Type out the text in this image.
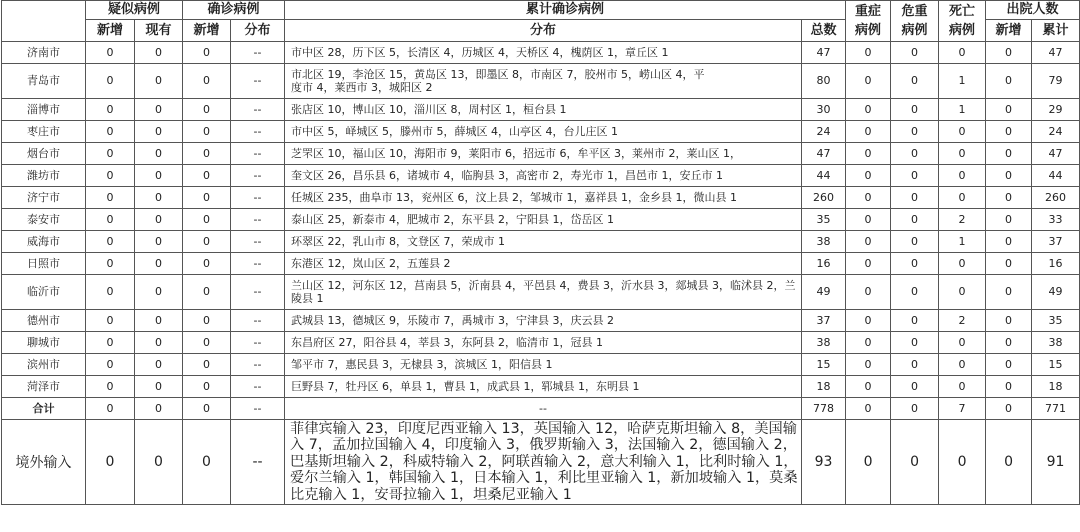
	疑似病例		确诊病例		累计确诊病例		重症病例	危重病例	死亡病例	出院人数	
	新增	现有	新增	分布	分布	总数				新增	累计
济南市	0	0	0	--	市中区 28，历下区 5，长清区 4，历城区 4，天桥区 4，槐荫区 1，章丘区 1	47	0	0	0	0	47
青岛市	0	0	0	--	市北区 19，李沧区 15，黄岛区 13，即墨区 8，市南区 7，胶州市 5，崂山区 4，平度市 4，莱西市 3，城阳区 2	80	0	0	1	0	79
淄博市	0	0	0	--	张店区 10，博山区 10，淄川区 8，周村区 1，桓台县 1	30	0	0	1	0	29
枣庄市	0	0	0	--	市中区 5，峄城区 5，滕州市 5，薛城区 4，山亭区 4，台儿庄区 1	24	0	0	0	0	24
烟台市	0	0	0	--	芝罘区 10，福山区 10，海阳市 9，莱阳市 6，招远市 6，牟平区 3，莱州市 2，莱山区 1，	47	0	0	0	0	47
潍坊市	0	0	0	--	奎文区 26，昌乐县 6，诸城市 4，临朐县 3，高密市 2，寿光市 1，昌邑市 1，安丘市 1	44	0	0	0	0	44
济宁市	0	0	0	--	任城区 235，曲阜市 13，兖州区 6，汶上县 2，邹城市 1，嘉祥县 1，金乡县 1，微山县 1	260	0	0	0	0	260
泰安市	0	0	0	--	泰山区 25，新泰市 4，肥城市 2，东平县 2，宁阳县 1，岱岳区 1	35	0	0	2	0	33
威海市	0	0	0	--	环翠区 22，乳山市 8，文登区 7，荣成市 1	38	0	0	1	0	37
日照市	0	0	0	--	东港区 12，岚山区 2，五莲县 2	16	0	0	0	0	16
临沂市	0	0	0	--	兰山区 12，河东区 12，莒南县 5，沂南县 4，平邑县 4，费县 3，沂水县 3，郯城县 3，临沭县 2，兰陵县 1	49	0	0	0	0	49
德州市	0	0	0	--	武城县 13，德城区 9，乐陵市 7，禹城市 3，宁津县 3，庆云县 2	37	0	0	2	0	35
聊城市	0	0	0	--	东昌府区 27，阳谷县 4，莘县 3，东阿县 2，临清市 1，冠县 1	38	0	0	0	0	38
滨州市	0	0	0	--	邹平市 7，惠民县 3，无棣县 3，滨城区 1，阳信县 1	15	0	0	0	0	15
菏泽市	0	0	0	--	巨野县 7，牡丹区 6，单县 1，曹县 1，成武县 1，郓城县 1，东明县 1	18	0	0	0	0	18
合计	0	0	0	--	--	778	0	0	7	0	771
境外输入	0	0	0	--	菲律宾输入 23，印度尼西亚输入 13，英国输入 12，哈萨克斯坦输入 8，美国输入 7，孟加拉国输入 4，印度输入 3，俄罗斯输入 3，法国输入 2，德国输入 2，巴基斯坦输入 2，科威特输入 2，阿联酋输入 2，意大利输入 1，比利时输入 1，爱尔兰输入 1，韩国输入 1，日本输入 1，利比里亚输入 1，新加坡输入 1，莫桑比克输入 1，安哥拉输入 1，坦桑尼亚输入 1	93	0	0	0	0	91
